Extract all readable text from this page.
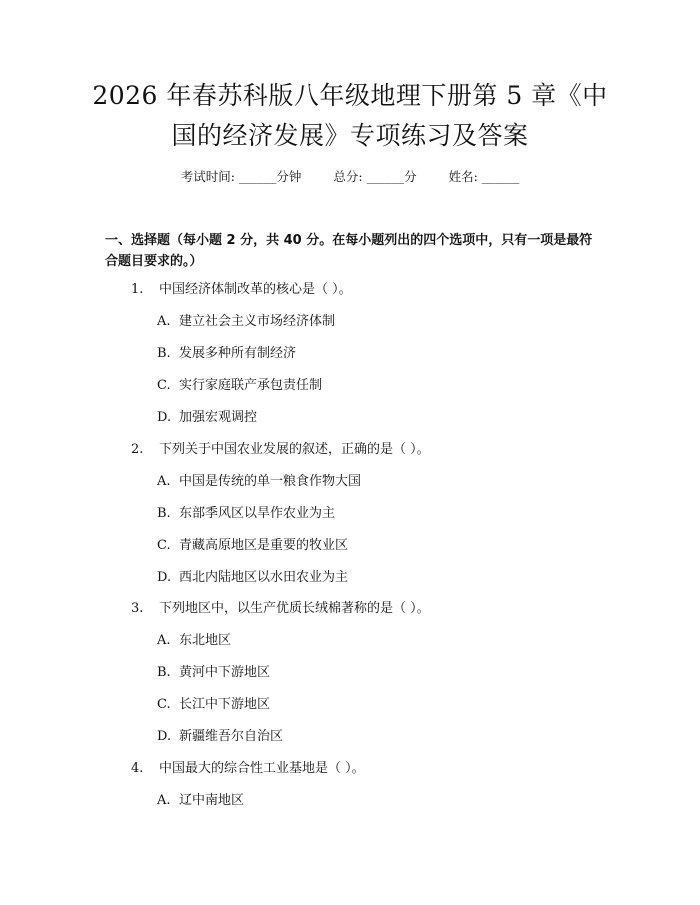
2026 年春苏科版八年级地理下册第 5 章《中
国的经济发展》专项练习及答案
考试时间: ______分钟	总分: ______分	姓名: ______
一、选择题（每小题 2 分，共 40 分。在每小题列出的四个选项中，只有一项是最符合题目要求的。）
1. 中国经济体制改革的核心是（ ）。
A. 建立社会主义市场经济体制
B. 发展多种所有制经济
C. 实行家庭联产承包责任制
D. 加强宏观调控
2. 下列关于中国农业发展的叙述，正确的是（ ）。
A. 中国是传统的单一粮食作物大国
B. 东部季风区以旱作农业为主
C. 青藏高原地区是重要的牧业区
D. 西北内陆地区以水田农业为主
3. 下列地区中，以生产优质长绒棉著称的是（ ）。
A. 东北地区
B. 黄河中下游地区
C. 长江中下游地区
D. 新疆维吾尔自治区
4. 中国最大的综合性工业基地是（ ）。
A. 辽中南地区
